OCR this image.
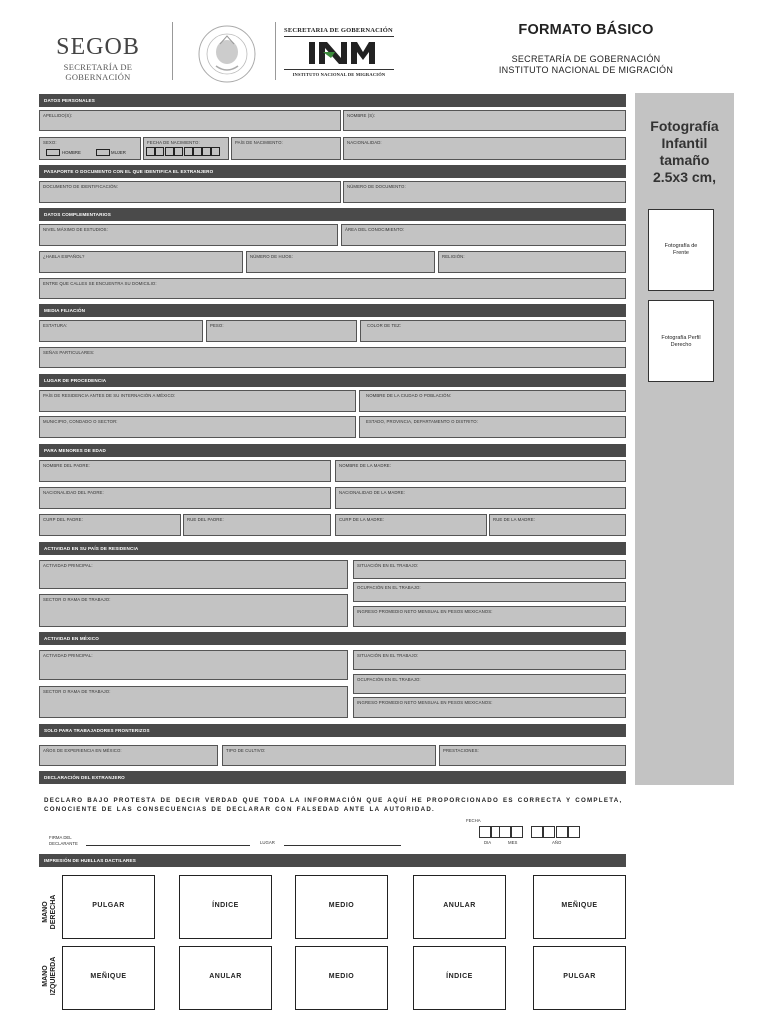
SEGOB
SECRETARÍA DE GOBERNACIÓN
SECRETARIA DE GOBERNACIÓN
INSTITUTO NACIONAL DE MIGRACIÓN
FORMATO BÁSICO
SECRETARÍA DE GOBERNACIÓN
INSTITUTO NACIONAL DE MIGRACIÓN
Fotografía
Infantil
tamaño
2.5x3 cm,
Fotografía de
Frente
Fotografía Perfil
Derecho
DATOS PERSONALES
APELLIDO(S):	NOMBRE (S):
SEXO:
HOMBRE	MUJER
FECHA DE NACIMIENTO:	PAÍS DE NACIMIENTO:	NACIONALIDAD:
PASAPORTE O DOCUMENTO CON EL QUE IDENTIFICA EL EXTRANJERO
DOCUMENTO DE IDENTIFICACIÓN:	NÚMERO DE DOCUMENTO:
DATOS COMPLEMENTARIOS
NIVEL MÁXIMO DE ESTUDIOS:	ÁREA DEL CONOCIMIENTO:
¿HABLA ESPAÑOL?	NÚMERO DE HIJOS:	RELIGIÓN:
ENTRE QUE CALLES SE ENCUENTRA SU DOMICILIO:
MEDIA FILIACIÓN
ESTATURA:	PESO:	COLOR DE TEZ:
SEÑAS PARTICULARES:
LUGAR DE PROCEDENCIA
PAÍS DE RESIDENCIA ANTES DE SU INTERNACIÓN A MÉXICO:	NOMBRE DE LA CIUDAD O POBLACIÓN:
MUNICIPIO, CONDADO O SECTOR:	ESTADO, PROVINCIA, DEPARTAMENTO O DISTRITO:
PARA MENORES DE EDAD
NOMBRE DEL PADRE:	NOMBRE DE LA MADRE:
NACIONALIDAD DEL PADRE:	NACIONALIDAD DE LA MADRE:
CURP DEL PADRE:	RUE DEL PADRE:	CURP DE LA MADRE:	RUE DE LA MADRE:
ACTIVIDAD EN SU PAÍS DE RESIDENCIA
ACTIVIDAD PRINCIPAL:	SITUACIÓN EN EL TRABAJO:
OCUPACIÓN EN EL TRABAJO:
SECTOR O RAMA DE TRABAJO:
INGRESO PROMEDIO NETO MENSUAL EN PESOS MEXICANOS:
ACTIVIDAD EN MÉXICO
ACTIVIDAD PRINCIPAL:	SITUACIÓN EN EL TRABAJO:
OCUPACIÓN EN EL TRABAJO:
SECTOR O RAMA DE TRABAJO:
INGRESO PROMEDIO NETO MENSUAL EN PESOS MEXICANOS:
SOLO PARA TRABAJADORES FRONTERIZOS
AÑOS DE EXPERIENCIA EN MÉXICO:	TIPO DE CULTIVO:	PRESTACIONES:
DECLARACIÓN DEL EXTRANJERO
DECLARO BAJO PROTESTA DE DECIR VERDAD QUE TODA LA INFORMACIÓN QUE AQUÍ HE PROPORCIONADO ES CORRECTA Y COMPLETA, CONOCIENTE DE LAS CONSECUENCIAS DE DECLARAR CON FALSEDAD ANTE LA AUTORIDAD.
FIRMA DEL
DECLARANTE	LUGAR
FECHA
DIA	MES	AÑO
IMPRESIÓN DE HUELLAS DACTILARES
MANO DERECHA	PULGAR	ÍNDICE	MEDIO	ANULAR	MEÑIQUE
MANO IZQUIERDA	MEÑIQUE	ANULAR	MEDIO	ÍNDICE	PULGAR
